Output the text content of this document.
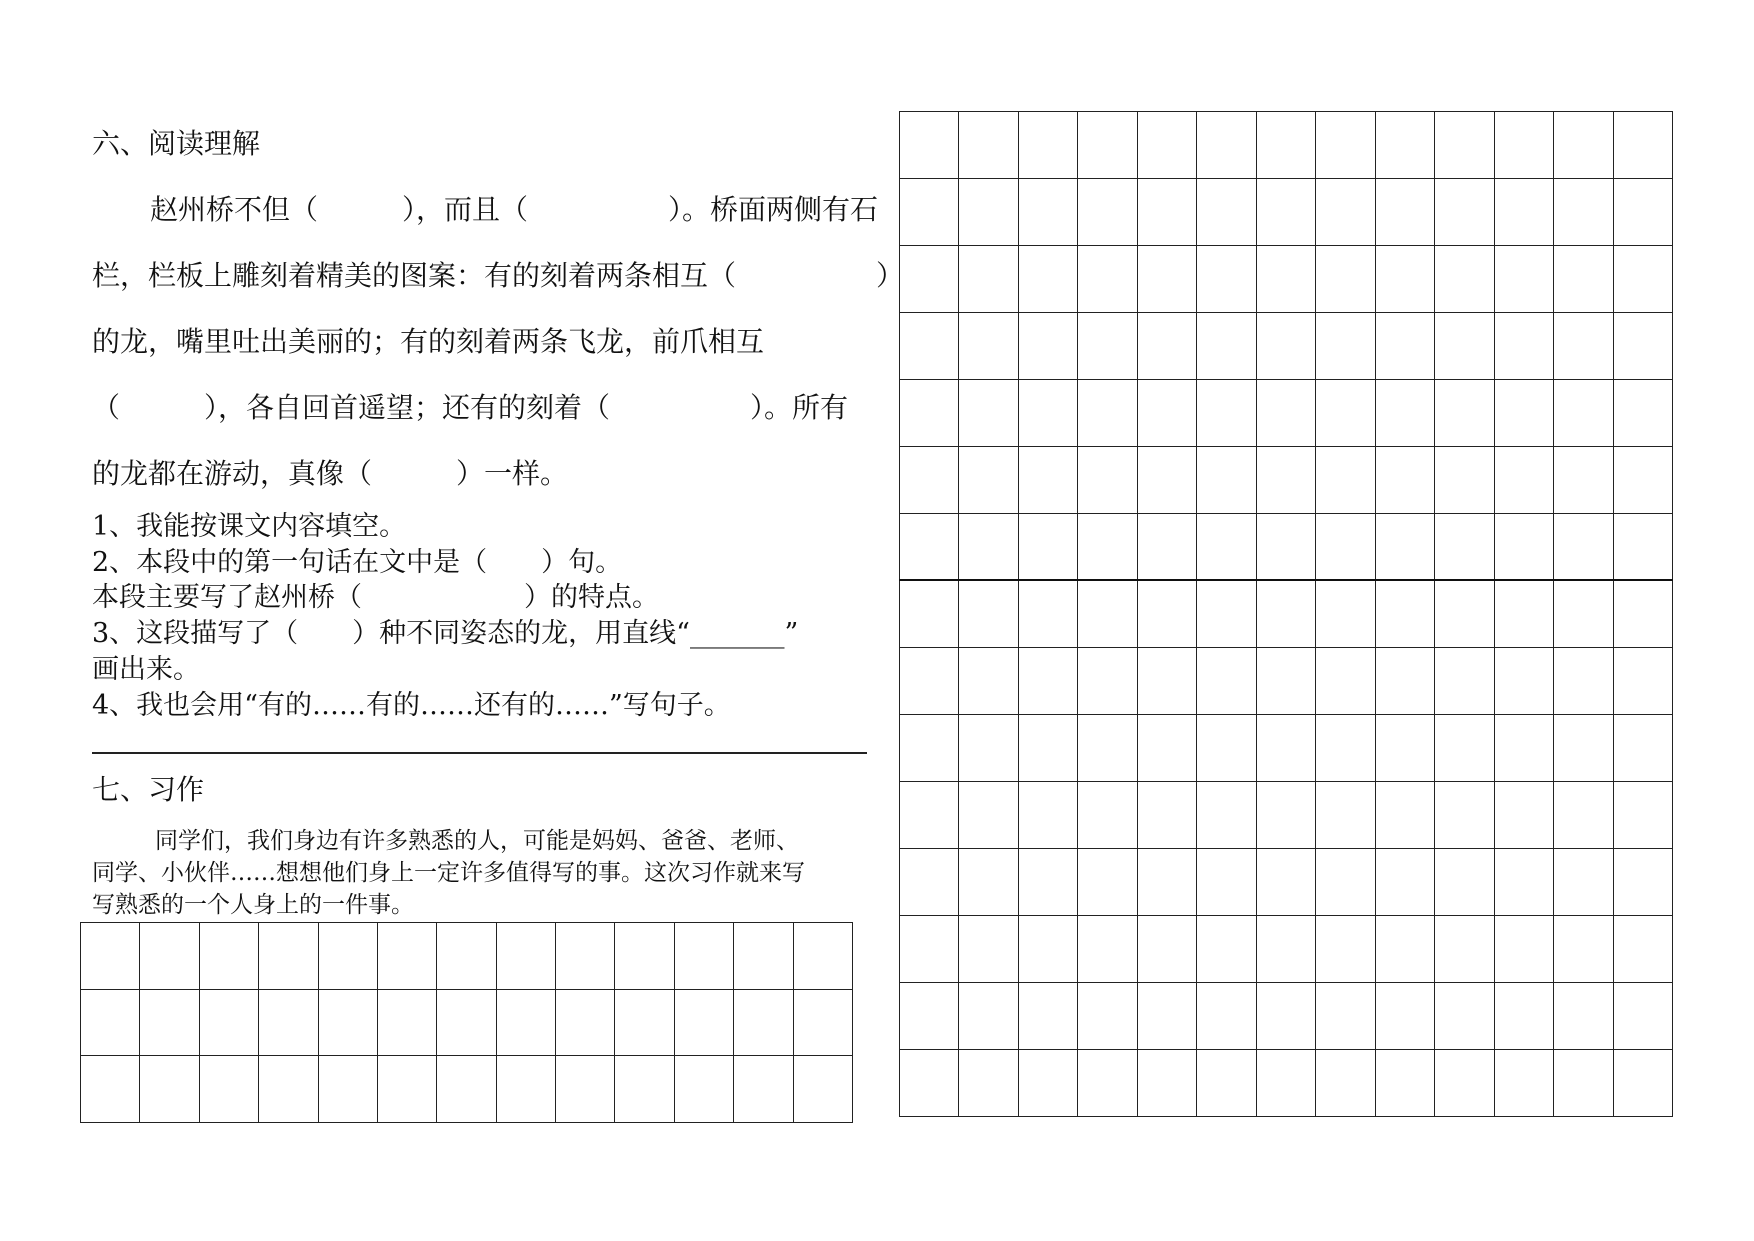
六、阅读理解
赵州桥不但（　　　），而且（　　　　　）。桥面两侧有石
栏，栏板上雕刻着精美的图案：有的刻着两条相互（　　　　　）
的龙，嘴里吐出美丽的；有的刻着两条飞龙，前爪相互
（　　　），各自回首遥望；还有的刻着（　　　　　）。所有
的龙都在游动，真像（　　　）一样。
1、我能按课文内容填空。
2、本段中的第一句话在文中是（　　）句。
本段主要写了赵州桥（　　　　　　）的特点。
3、这段描写了（　　）种不同姿态的龙，用直线“_______”
画出来。
4、我也会用“有的……有的……还有的……”写句子。
七、习作
同学们，我们身边有许多熟悉的人，可能是妈妈、爸爸、老师、
同学、小伙伴……想想他们身上一定许多值得写的事。这次习作就来写
写熟悉的一个人身上的一件事。
